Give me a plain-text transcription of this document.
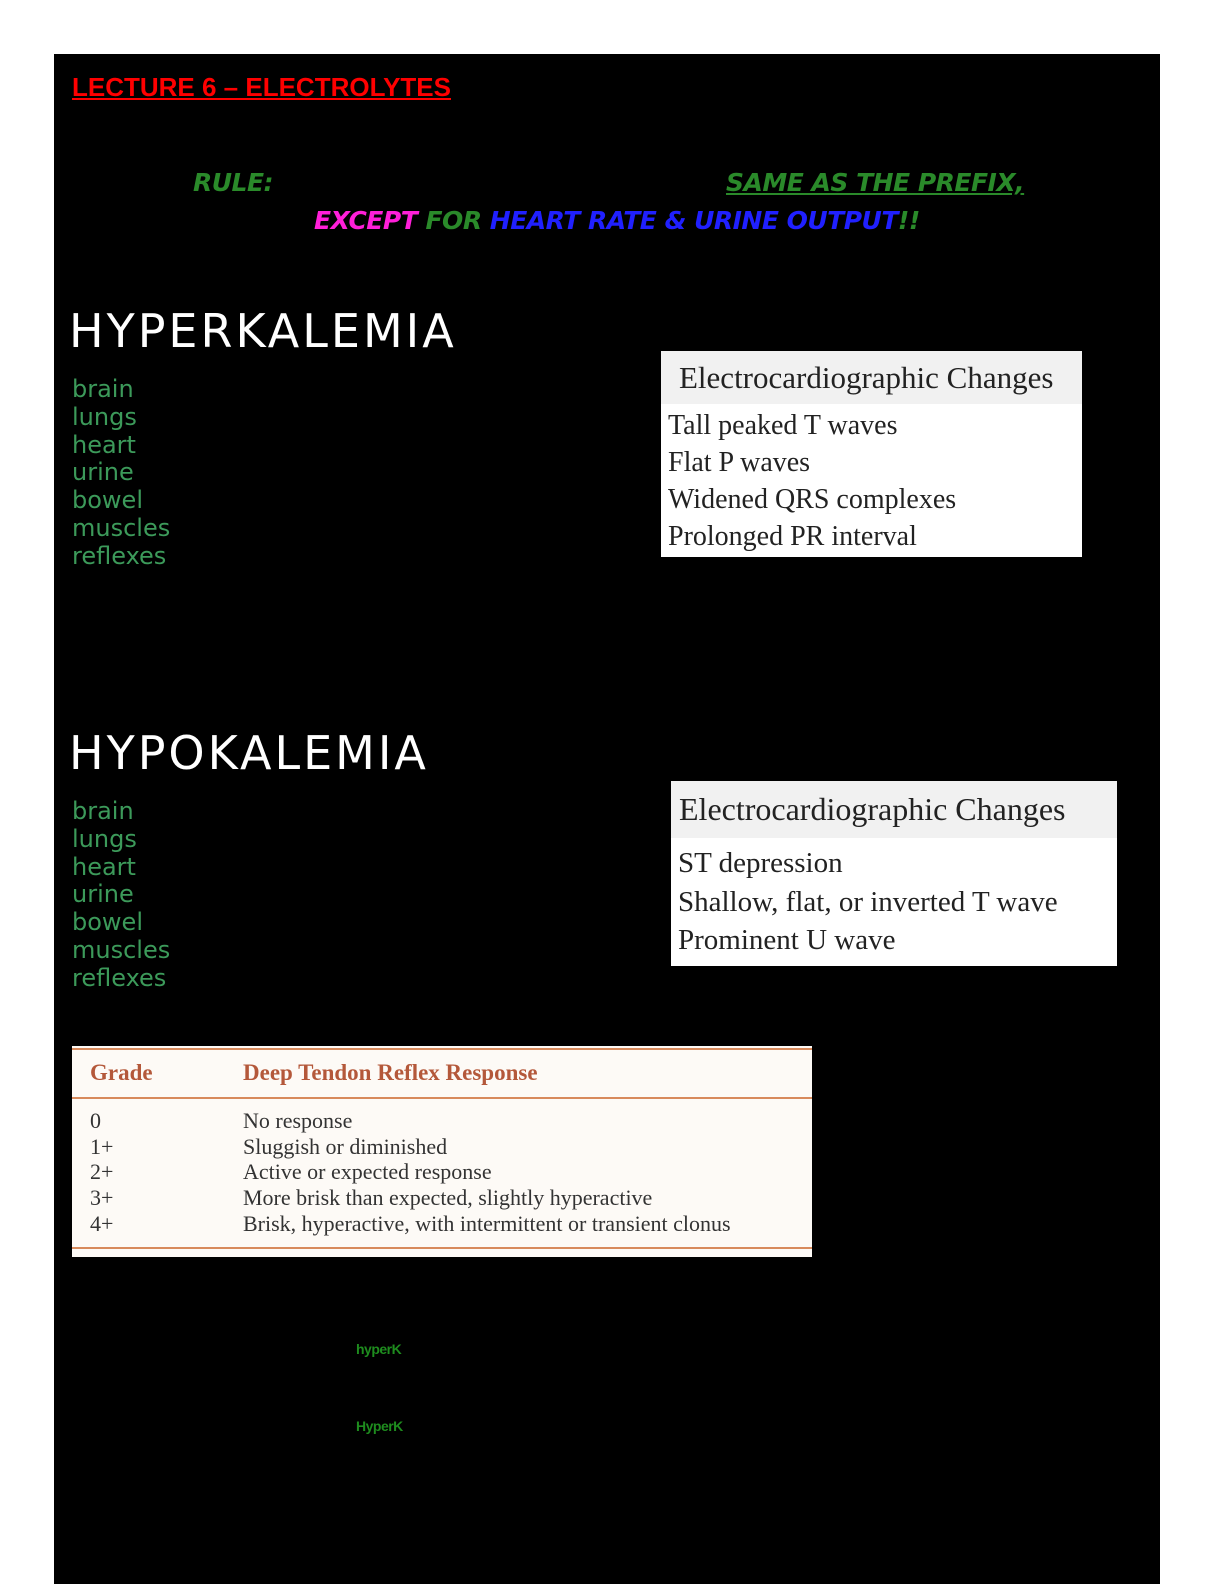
LECTURE 6 – ELECTROLYTES
RULE:	SAME AS THE PREFIX,
EXCEPT FOR HEART RATE & URINE OUTPUT!!
HYPERKALEMIA
brain
lungs
heart
urine
bowel
muscles
reflexes
Electrocardiographic Changes
Tall peaked T waves
Flat P waves
Widened QRS complexes
Prolonged PR interval
HYPOKALEMIA
brain
lungs
heart
urine
bowel
muscles
reflexes
Electrocardiographic Changes
ST depression
Shallow, flat, or inverted T wave
Prominent U wave
Grade	Deep Tendon Reflex Response
0	No response
1+	Sluggish or diminished
2+	Active or expected response
3+	More brisk than expected, slightly hyperactive
4+	Brisk, hyperactive, with intermittent or transient clonus
hyperK
HyperK
